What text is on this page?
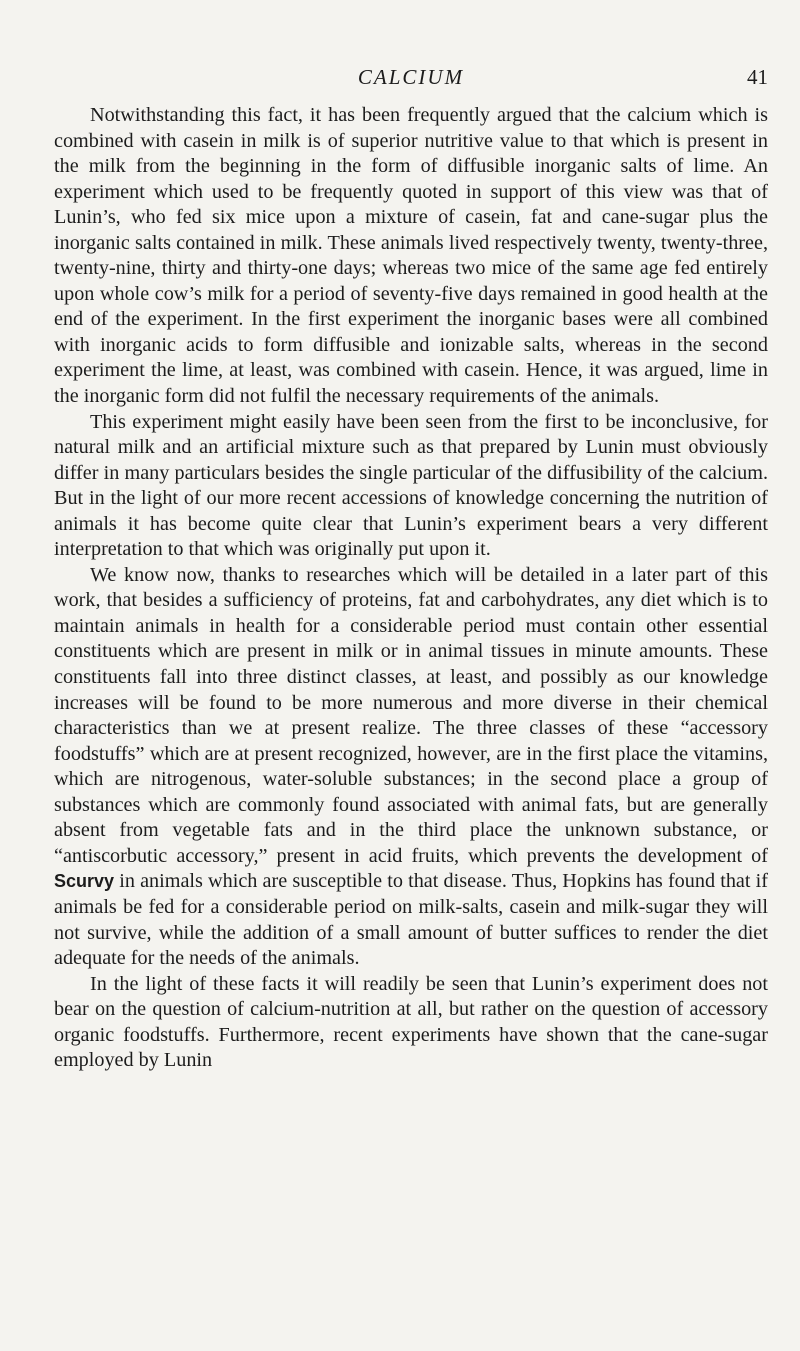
CALCIUM	41

Notwithstanding this fact, it has been frequently argued that the calcium which is combined with casein in milk is of superior nutritive value to that which is present in the milk from the beginning in the form of diffusible inorganic salts of lime. An experiment which used to be frequently quoted in support of this view was that of Lunin’s, who fed six mice upon a mixture of casein, fat and cane-sugar plus the inorganic salts contained in milk. These animals lived respectively twenty, twenty-three, twenty-nine, thirty and thirty-one days; whereas two mice of the same age fed entirely upon whole cow’s milk for a period of seventy-five days remained in good health at the end of the experiment. In the first experiment the inorganic bases were all combined with inorganic acids to form diffusible and ionizable salts, whereas in the second experiment the lime, at least, was combined with casein. Hence, it was argued, lime in the inorganic form did not fulfil the necessary requirements of the animals.

This experiment might easily have been seen from the first to be inconclusive, for natural milk and an artificial mixture such as that prepared by Lunin must obviously differ in many particulars besides the single particular of the diffusibility of the calcium. But in the light of our more recent accessions of knowledge concerning the nutrition of animals it has become quite clear that Lunin’s experiment bears a very different interpretation to that which was originally put upon it.

We know now, thanks to researches which will be detailed in a later part of this work, that besides a sufficiency of proteins, fat and carbohydrates, any diet which is to maintain animals in health for a considerable period must contain other essential constituents which are present in milk or in animal tissues in minute amounts. These constituents fall into three distinct classes, at least, and possibly as our knowledge increases will be found to be more numerous and more diverse in their chemical characteristics than we at present realize. The three classes of these “accessory foodstuffs” which are at present recognized, however, are in the first place the vitamins, which are nitrogenous, water-soluble substances; in the second place a group of substances which are commonly found associated with animal fats, but are generally absent from vegetable fats and in the third place the unknown substance, or “antiscorbutic accessory,” present in acid fruits, which prevents the development of Scurvy in animals which are susceptible to that disease. Thus, Hopkins has found that if animals be fed for a considerable period on milk-salts, casein and milk-sugar they will not survive, while the addition of a small amount of butter suffices to render the diet adequate for the needs of the animals.

In the light of these facts it will readily be seen that Lunin’s experiment does not bear on the question of calcium-nutrition at all, but rather on the question of accessory organic foodstuffs. Furthermore, recent experiments have shown that the cane-sugar employed by Lunin
